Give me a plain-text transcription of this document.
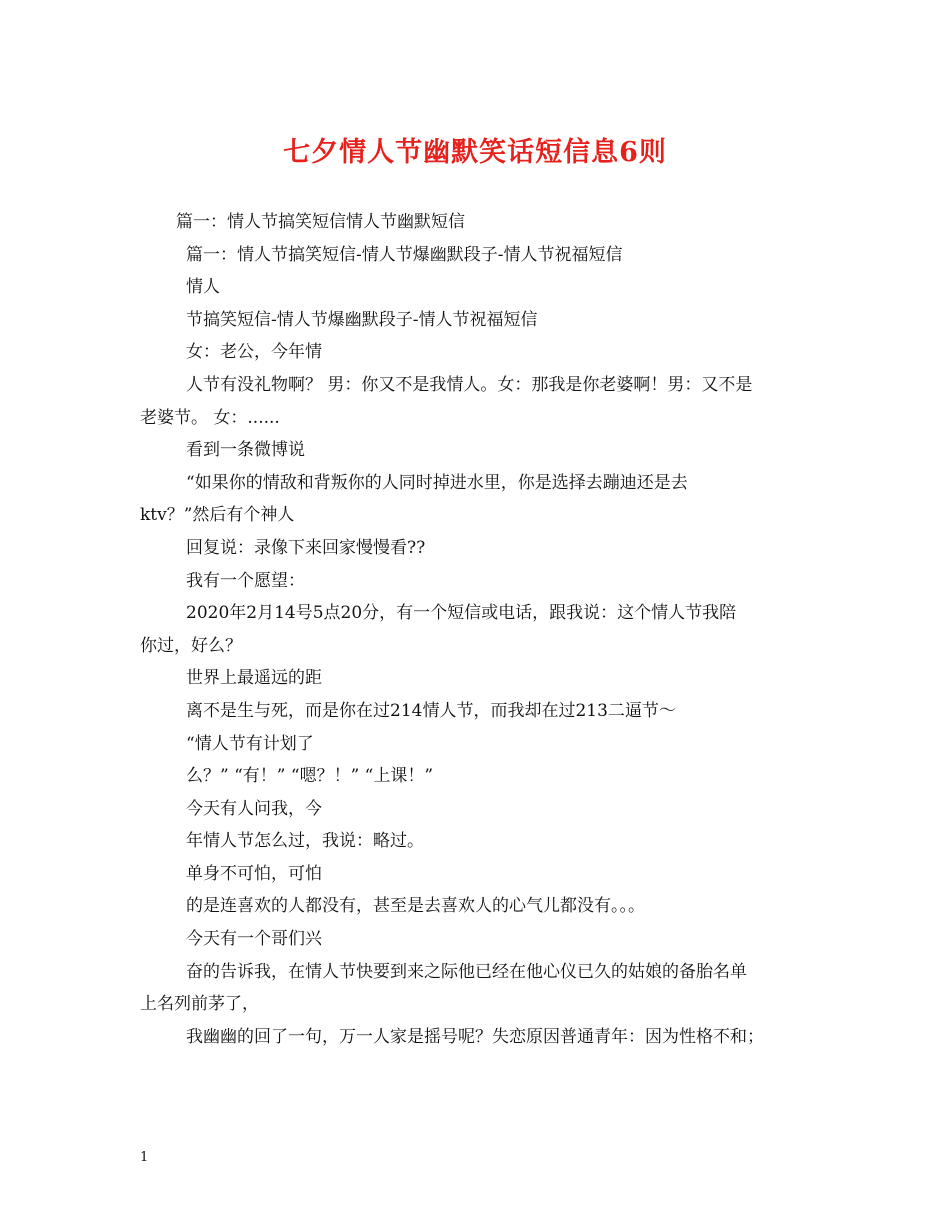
七夕情人节幽默笑话短信息6则
篇一：情人节搞笑短信情人节幽默短信
篇一：情人节搞笑短信-情人节爆幽默段子-情人节祝福短信
情人
节搞笑短信-情人节爆幽默段子-情人节祝福短信
女：老公，今年情
人节有没礼物啊？ 男：你又不是我情人。女：那我是你老婆啊！男：又不是
老婆节。 女：......
看到一条微博说
“如果你的情敌和背叛你的人同时掉进水里，你是选择去蹦迪还是去
ktv？”然后有个神人
回复说：录像下来回家慢慢看??
我有一个愿望：
2020年2月14号5点20分，有一个短信或电话，跟我说：这个情人节我陪
你过，好么？
世界上最遥远的距
离不是生与死，而是你在过214情人节，而我却在过213二逼节～
“情人节有计划了
么？” “有！” “嗯？！” “上课！”
今天有人问我，今
年情人节怎么过，我说：略过。
单身不可怕，可怕
的是连喜欢的人都没有，甚至是去喜欢人的心气儿都没有。。。
今天有一个哥们兴
奋的告诉我，在情人节快要到来之际他已经在他心仪已久的姑娘的备胎名单
上名列前茅了，
我幽幽的回了一句，万一人家是摇号呢？失恋原因普通青年：因为性格不和；
1
